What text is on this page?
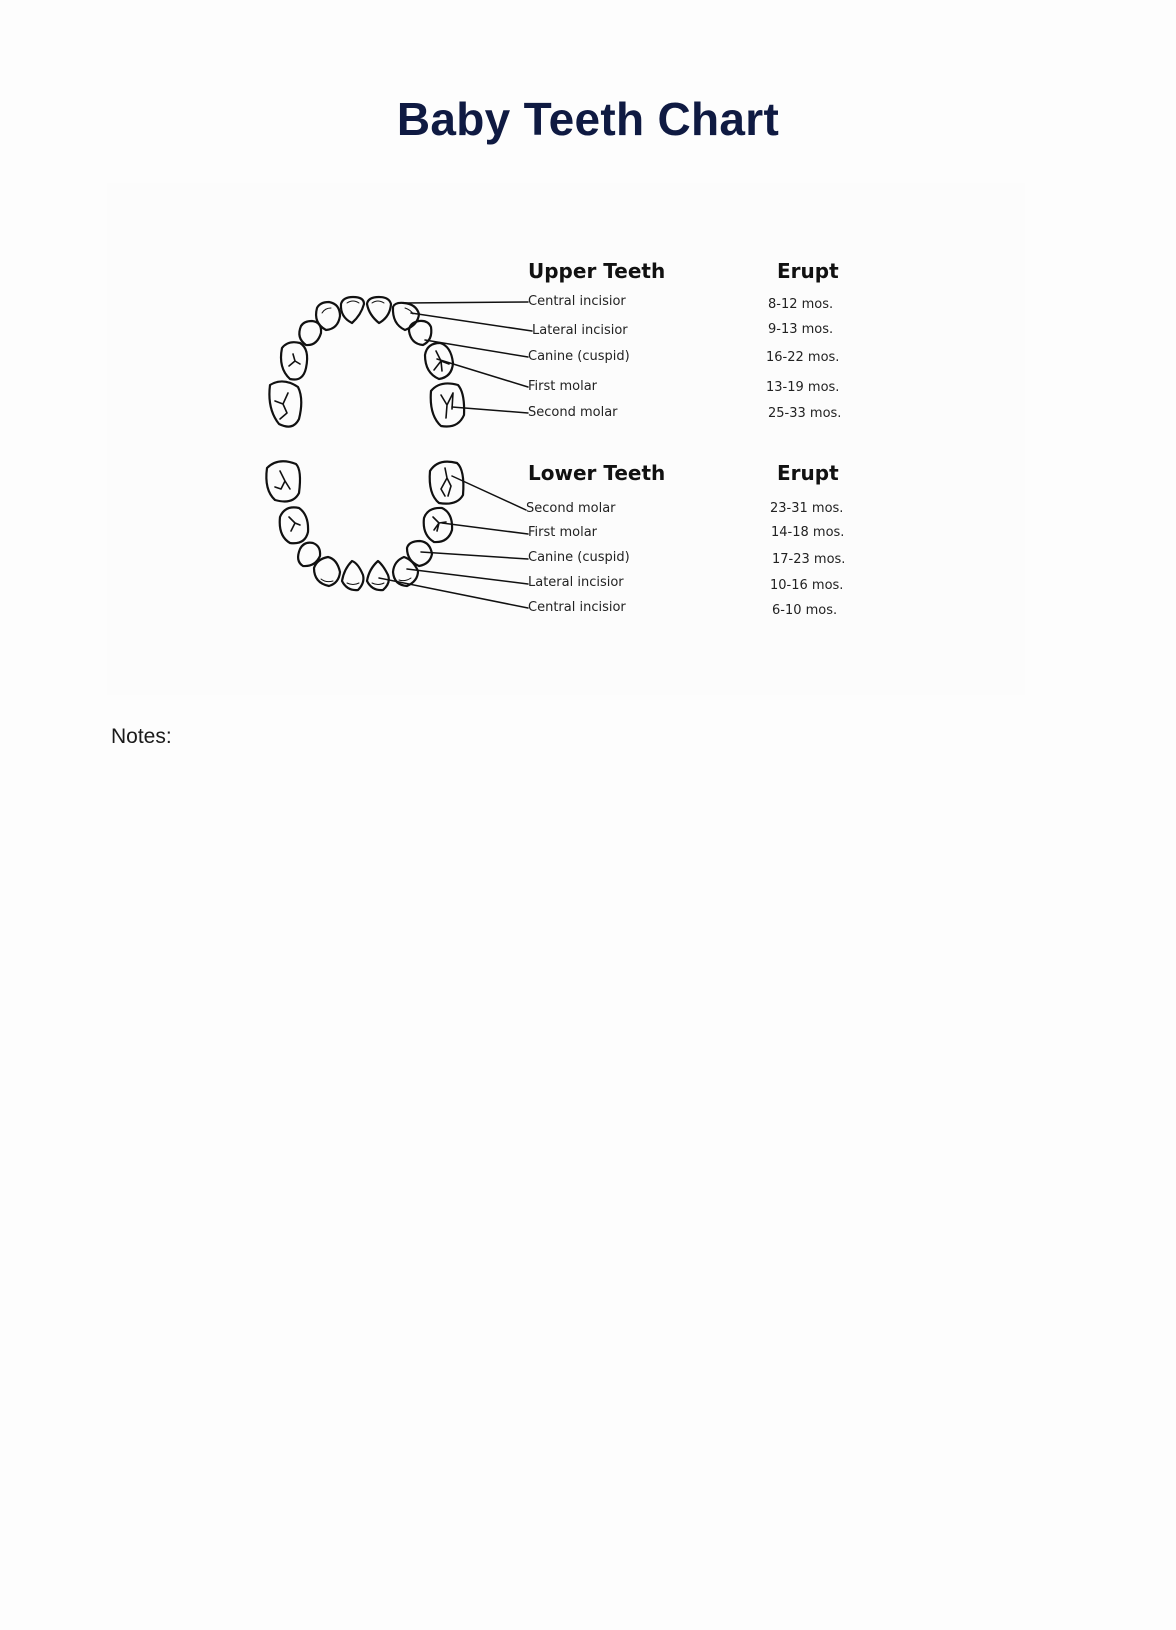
Baby Teeth Chart
Upper Teeth	Erupt
Central incisior	8-12 mos.
Lateral incisior	9-13 mos.
Canine (cuspid)	16-22 mos.
First molar	13-19 mos.
Second molar	25-33 mos.
Lower Teeth	Erupt
Second molar	23-31 mos.
First molar	14-18 mos.
Canine (cuspid)	17-23 mos.
Lateral incisior	10-16 mos.
Central incisior	6-10 mos.
Notes:
